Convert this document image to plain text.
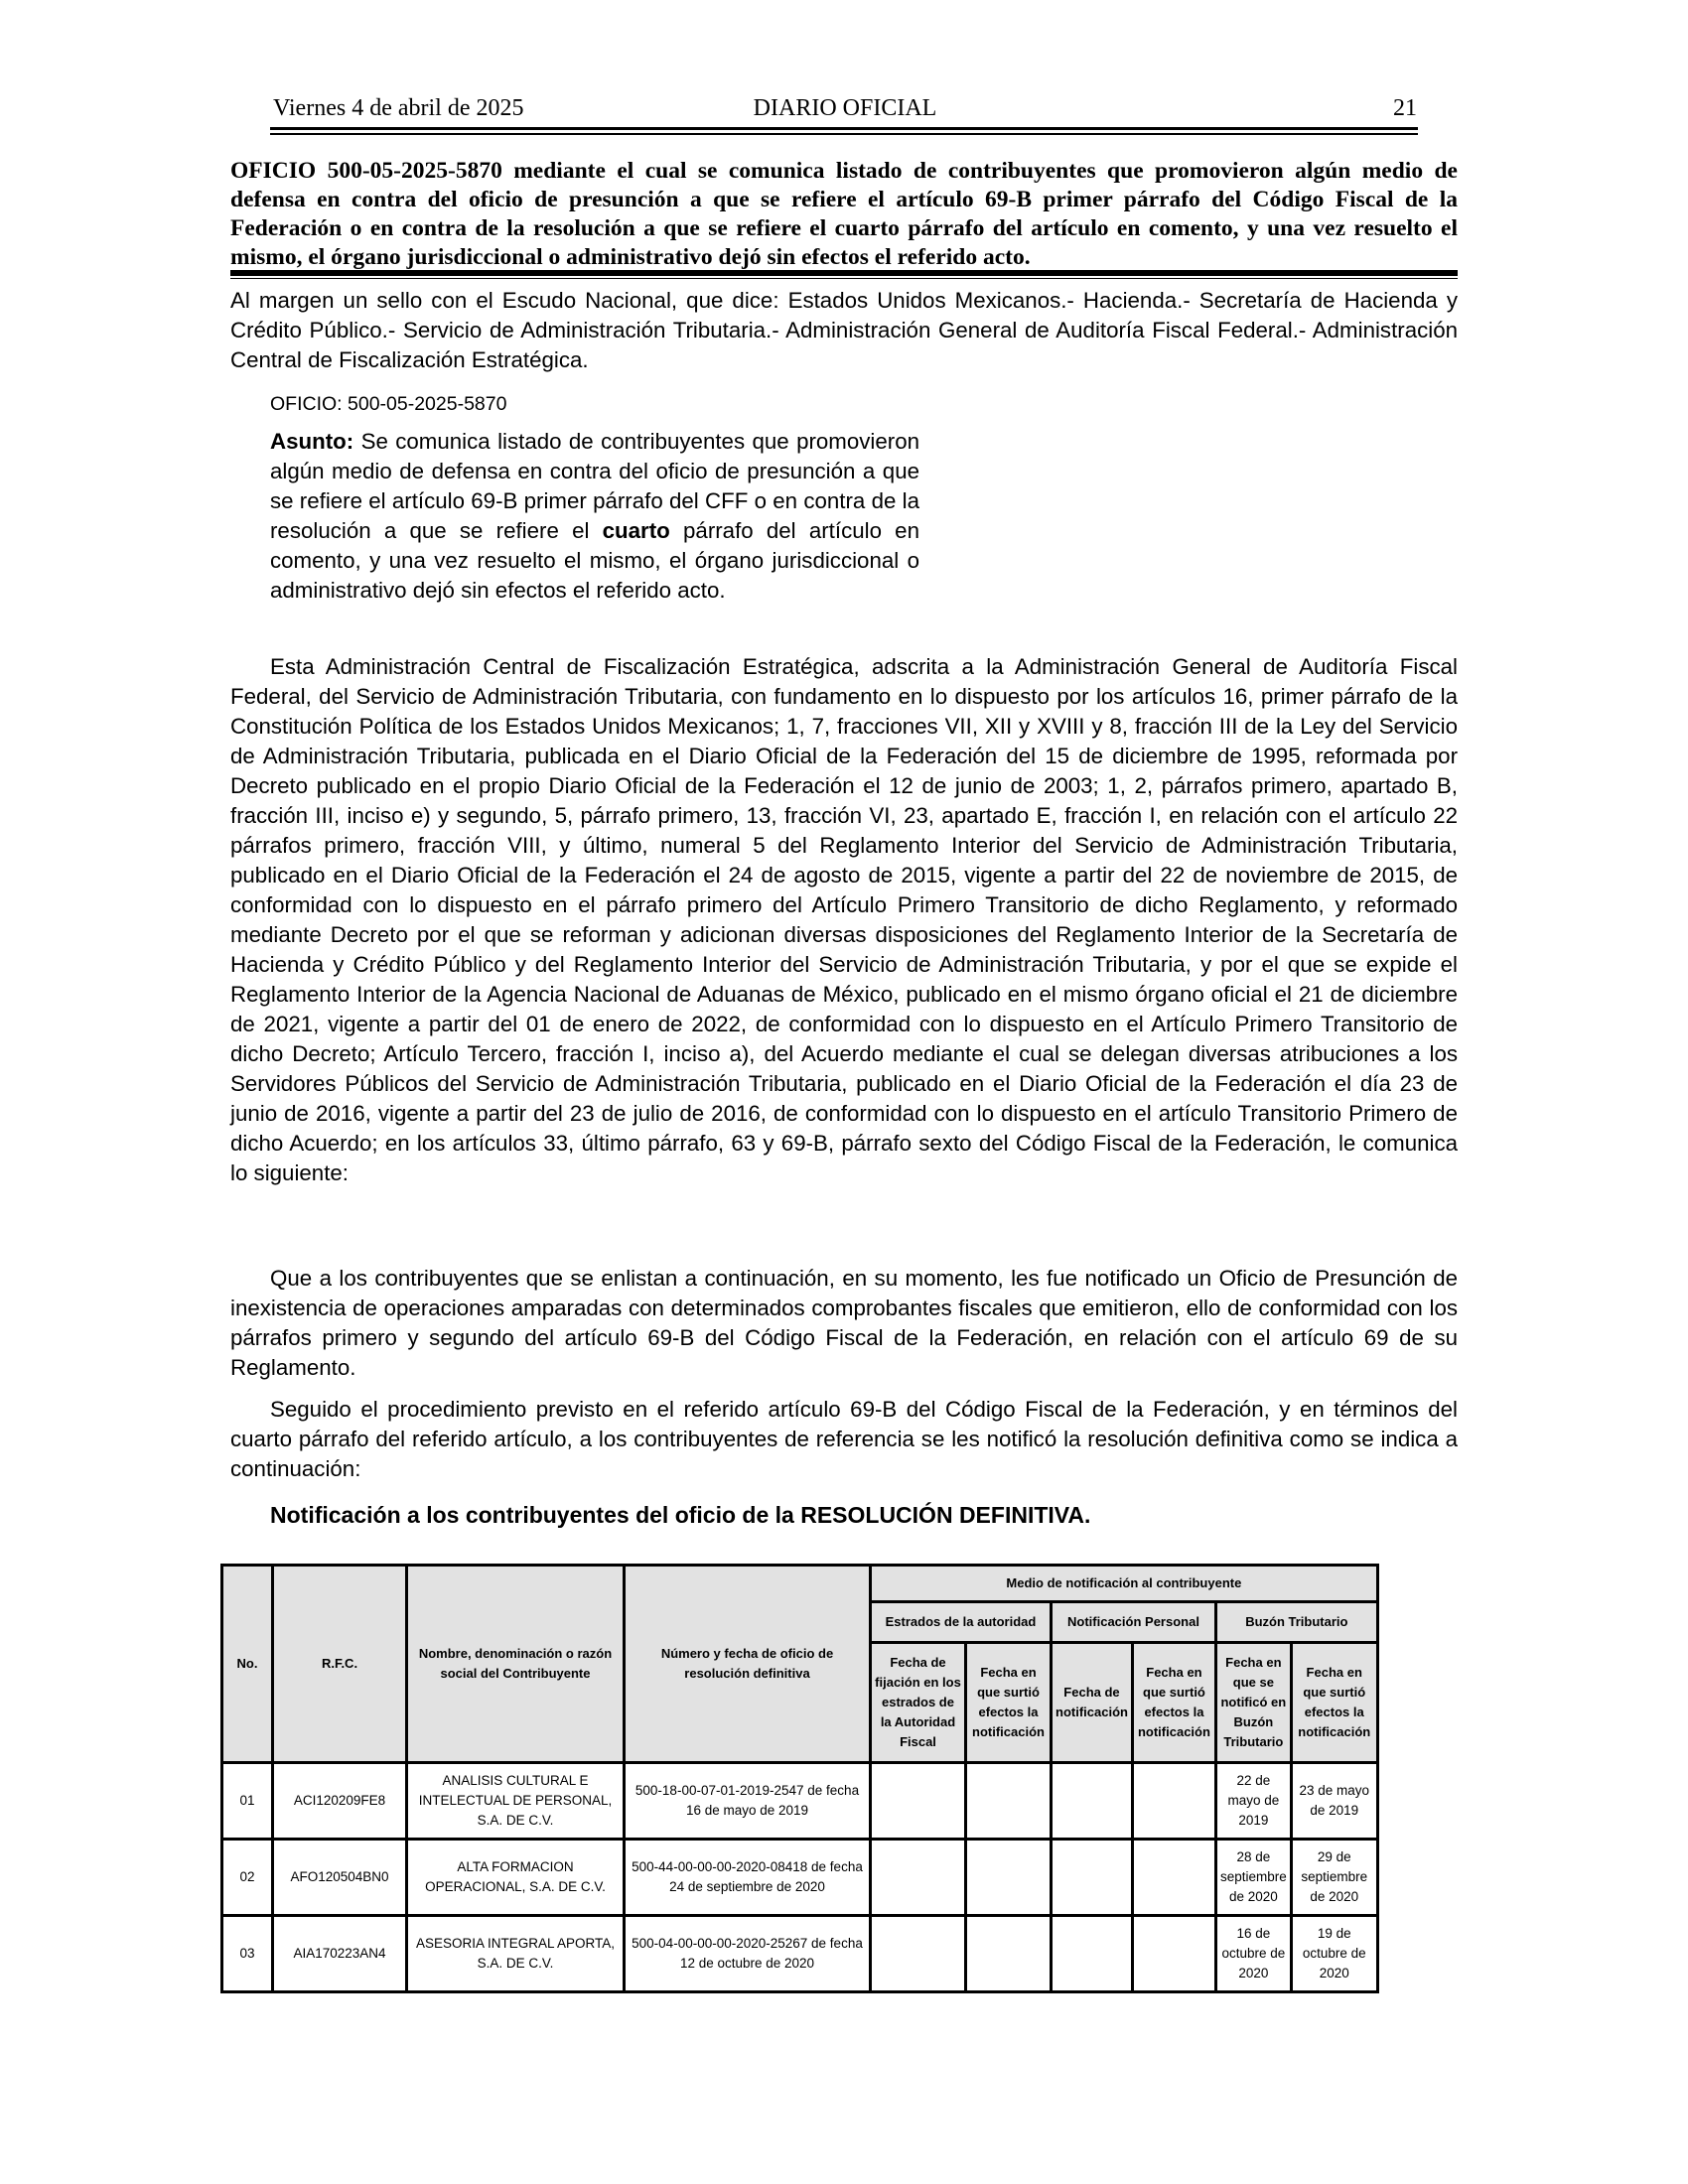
Viernes 4 de abril de 2025	DIARIO OFICIAL	21
OFICIO 500-05-2025-5870 mediante el cual se comunica listado de contribuyentes que promovieron algún medio de defensa en contra del oficio de presunción a que se refiere el artículo 69-B primer párrafo del Código Fiscal de la Federación o en contra de la resolución a que se refiere el cuarto párrafo del artículo en comento, y una vez resuelto el mismo, el órgano jurisdiccional o administrativo dejó sin efectos el referido acto.
Al margen un sello con el Escudo Nacional, que dice: Estados Unidos Mexicanos.- Hacienda.- Secretaría de Hacienda y Crédito Público.- Servicio de Administración Tributaria.- Administración General de Auditoría Fiscal Federal.- Administración Central de Fiscalización Estratégica.
OFICIO: 500-05-2025-5870
Asunto: Se comunica listado de contribuyentes que promovieron algún medio de defensa en contra del oficio de presunción a que se refiere el artículo 69-B primer párrafo del CFF o en contra de la resolución a que se refiere el cuarto párrafo del artículo en comento, y una vez resuelto el mismo, el órgano jurisdiccional o administrativo dejó sin efectos el referido acto.
Esta Administración Central de Fiscalización Estratégica, adscrita a la Administración General de Auditoría Fiscal Federal, del Servicio de Administración Tributaria, con fundamento en lo dispuesto por los artículos 16, primer párrafo de la Constitución Política de los Estados Unidos Mexicanos; 1, 7, fracciones VII, XII y XVIII y 8, fracción III de la Ley del Servicio de Administración Tributaria, publicada en el Diario Oficial de la Federación del 15 de diciembre de 1995, reformada por Decreto publicado en el propio Diario Oficial de la Federación el 12 de junio de 2003; 1, 2, párrafos primero, apartado B, fracción III, inciso e) y segundo, 5, párrafo primero, 13, fracción VI, 23, apartado E, fracción I, en relación con el artículo 22 párrafos primero, fracción VIII, y último, numeral 5 del Reglamento Interior del Servicio de Administración Tributaria, publicado en el Diario Oficial de la Federación el 24 de agosto de 2015, vigente a partir del 22 de noviembre de 2015, de conformidad con lo dispuesto en el párrafo primero del Artículo Primero Transitorio de dicho Reglamento, y reformado mediante Decreto por el que se reforman y adicionan diversas disposiciones del Reglamento Interior de la Secretaría de Hacienda y Crédito Público y del Reglamento Interior del Servicio de Administración Tributaria, y por el que se expide el Reglamento Interior de la Agencia Nacional de Aduanas de México, publicado en el mismo órgano oficial el 21 de diciembre de 2021, vigente a partir del 01 de enero de 2022, de conformidad con lo dispuesto en el Artículo Primero Transitorio de dicho Decreto; Artículo Tercero, fracción I, inciso a), del Acuerdo mediante el cual se delegan diversas atribuciones a los Servidores Públicos del Servicio de Administración Tributaria, publicado en el Diario Oficial de la Federación el día 23 de junio de 2016, vigente a partir del 23 de julio de 2016, de conformidad con lo dispuesto en el artículo Transitorio Primero de dicho Acuerdo; en los artículos 33, último párrafo, 63 y 69-B, párrafo sexto del Código Fiscal de la Federación, le comunica lo siguiente:
Que a los contribuyentes que se enlistan a continuación, en su momento, les fue notificado un Oficio de Presunción de inexistencia de operaciones amparadas con determinados comprobantes fiscales que emitieron, ello de conformidad con los párrafos primero y segundo del artículo 69-B del Código Fiscal de la Federación, en relación con el artículo 69 de su Reglamento.
Seguido el procedimiento previsto en el referido artículo 69-B del Código Fiscal de la Federación, y en términos del cuarto párrafo del referido artículo, a los contribuyentes de referencia se les notificó la resolución definitiva como se indica a continuación:
Notificación a los contribuyentes del oficio de la RESOLUCIÓN DEFINITIVA.
No.	R.F.C.	Nombre, denominación o razón social del Contribuyente	Número y fecha de oficio de resolución definitiva	Medio de notificación al contribuyente					
				Estrados de la autoridad		Notificación Personal		Buzón Tributario	
				Fecha de fijación en los estrados de la Autoridad Fiscal	Fecha en que surtió efectos la notificación	Fecha de notificación	Fecha en que surtió efectos la notificación	Fecha en que se notificó en Buzón Tributario	Fecha en que surtió efectos la notificación
01	ACI120209FE8	ANALISIS CULTURAL E INTELECTUAL DE PERSONAL, S.A. DE C.V.	500-18-00-07-01-2019-2547 de fecha 16 de mayo de 2019					22 de mayo de 2019	23 de mayo de 2019
02	AFO120504BN0	ALTA FORMACION OPERACIONAL, S.A. DE C.V.	500-44-00-00-00-2020-08418 de fecha 24 de septiembre de 2020					28 de septiembre de 2020	29 de septiembre de 2020
03	AIA170223AN4	ASESORIA INTEGRAL APORTA, S.A. DE C.V.	500-04-00-00-00-2020-25267 de fecha 12 de octubre de 2020					16 de octubre de 2020	19 de octubre de 2020
